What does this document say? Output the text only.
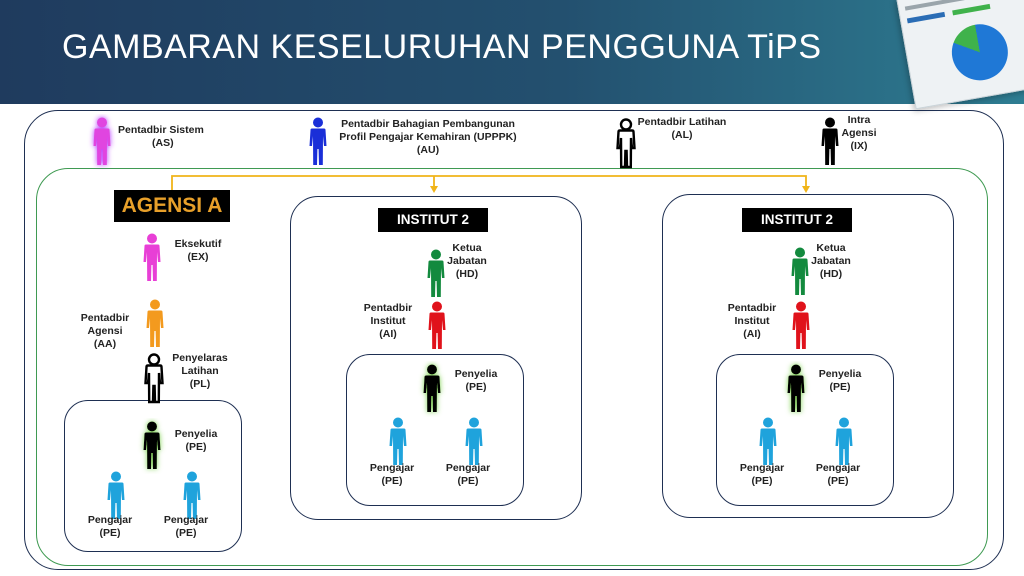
GAMBARAN KESELURUHAN PENGGUNA TiPS
AGENSI A
INSTITUT 2	INSTITUT 2
Pentadbir Sistem
(AS)
Pentadbir Bahagian Pembangunan
Profil Pengajar Kemahiran (UPPPK)
(AU)
Pentadbir Latihan
(AL)
Intra
Agensi
(IX)
Eksekutif
(EX)
Pentadbir
Agensi
(AA)
Penyelaras
Latihan
(PL)
Penyelia
(PE)
Pengajar
(PE)
Pengajar
(PE)
Ketua
Jabatan
(HD)
Pentadbir
Institut
(AI)
Penyelia
(PE)
Pengajar
(PE)
Pengajar
(PE)
Ketua
Jabatan
(HD)
Pentadbir
Institut
(AI)
Penyelia
(PE)
Pengajar
(PE)
Pengajar
(PE)
